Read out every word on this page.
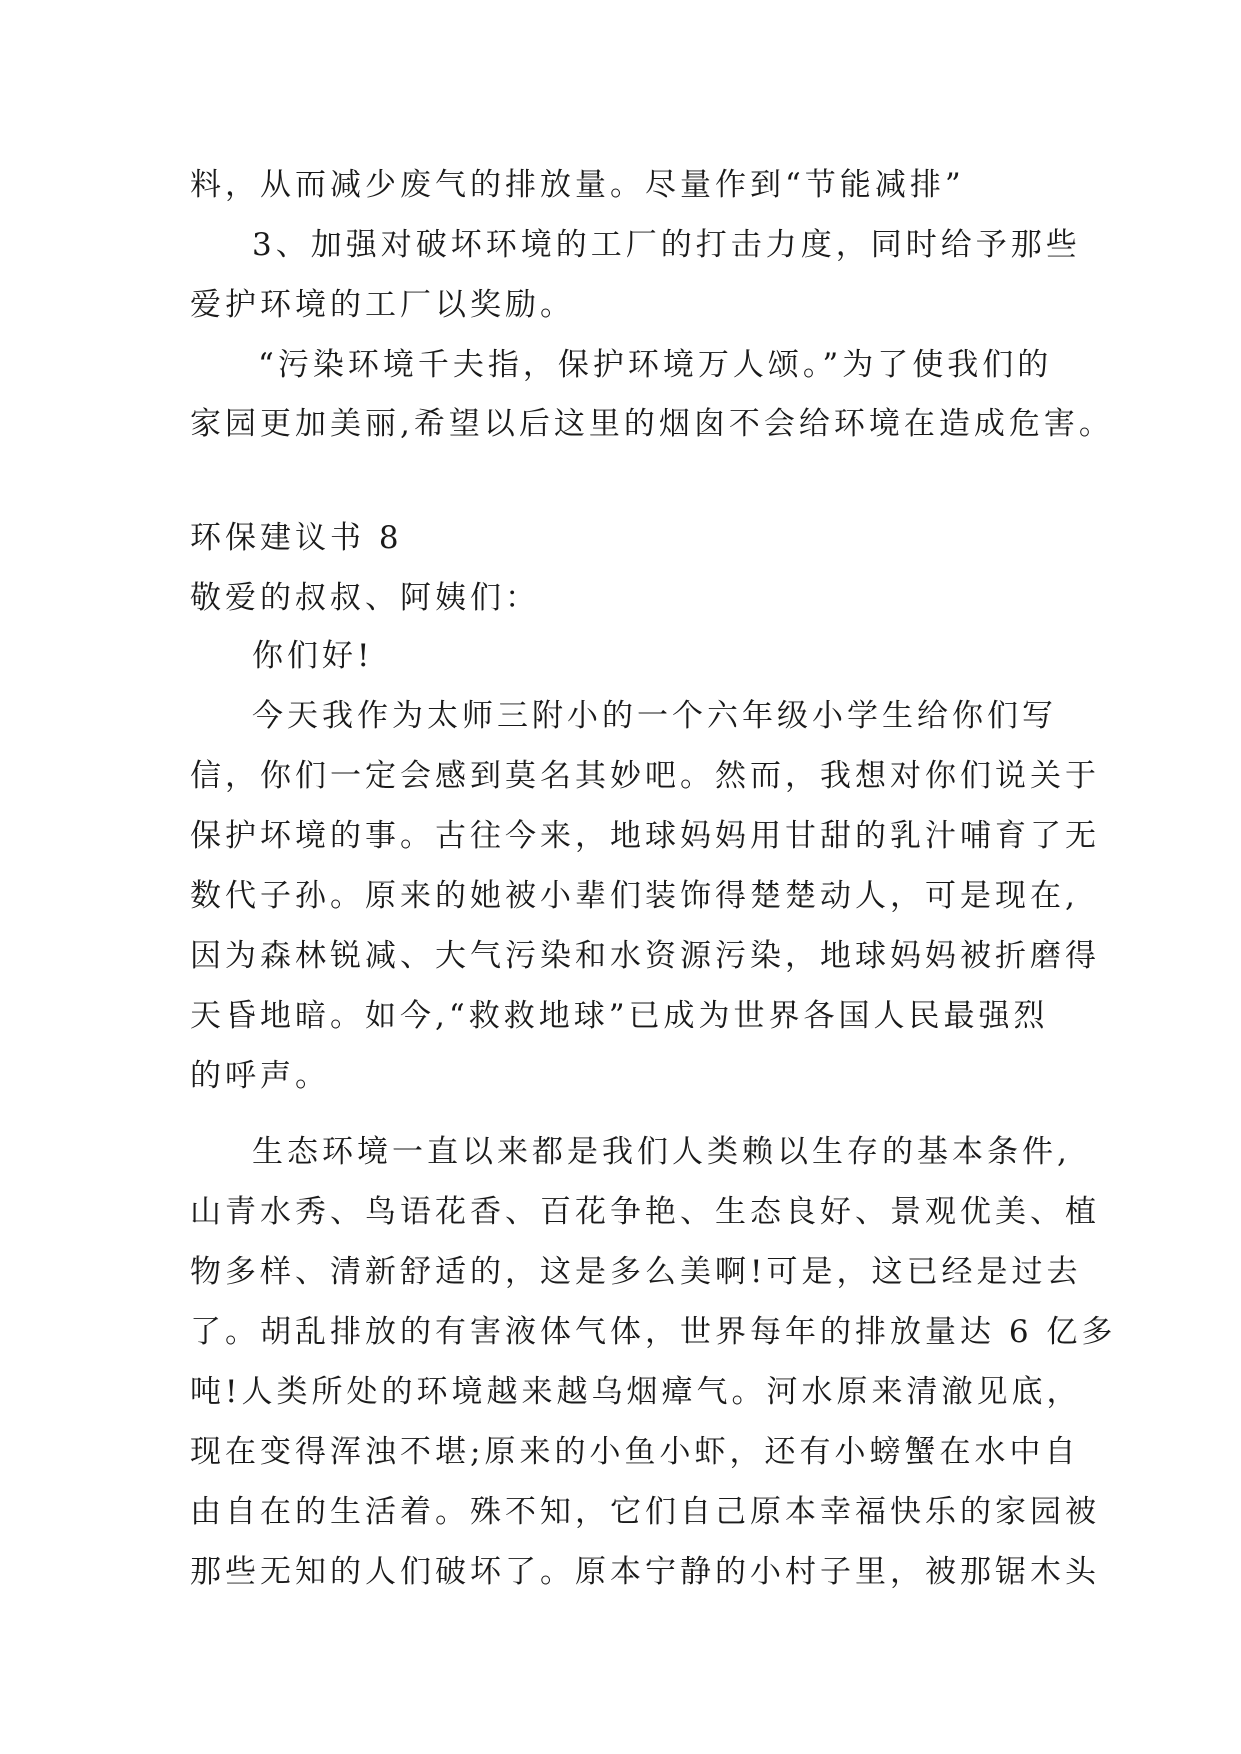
料，从而减少废气的排放量。尽量作到“节能减排”
3、加强对破坏环境的工厂的打击力度，同时给予那些
爱护环境的工厂以奖励。
“污染环境千夫指，保护环境万人颂。”为了使我们的
家园更加美丽,希望以后这里的烟囱不会给环境在造成危害。
环保建议书 8
敬爱的叔叔、阿姨们：
你们好!
今天我作为太师三附小的一个六年级小学生给你们写
信，你们一定会感到莫名其妙吧。然而，我想对你们说关于
保护坏境的事。古往今来，地球妈妈用甘甜的乳汁哺育了无
数代子孙。原来的她被小辈们装饰得楚楚动人，可是现在,
因为森林锐减、大气污染和水资源污染，地球妈妈被折磨得
天昏地暗。如今,“救救地球”已成为世界各国人民最强烈
的呼声。
生态环境一直以来都是我们人类赖以生存的基本条件,
山青水秀、鸟语花香、百花争艳、生态良好、景观优美、植
物多样、清新舒适的，这是多么美啊!可是，这已经是过去
了。胡乱排放的有害液体气体，世界每年的排放量达 6 亿多
吨!人类所处的环境越来越乌烟瘴气。河水原来清澈见底，
现在变得浑浊不堪;原来的小鱼小虾，还有小螃蟹在水中自
由自在的生活着。殊不知，它们自己原本幸福快乐的家园被
那些无知的人们破坏了。原本宁静的小村子里，被那锯木头
